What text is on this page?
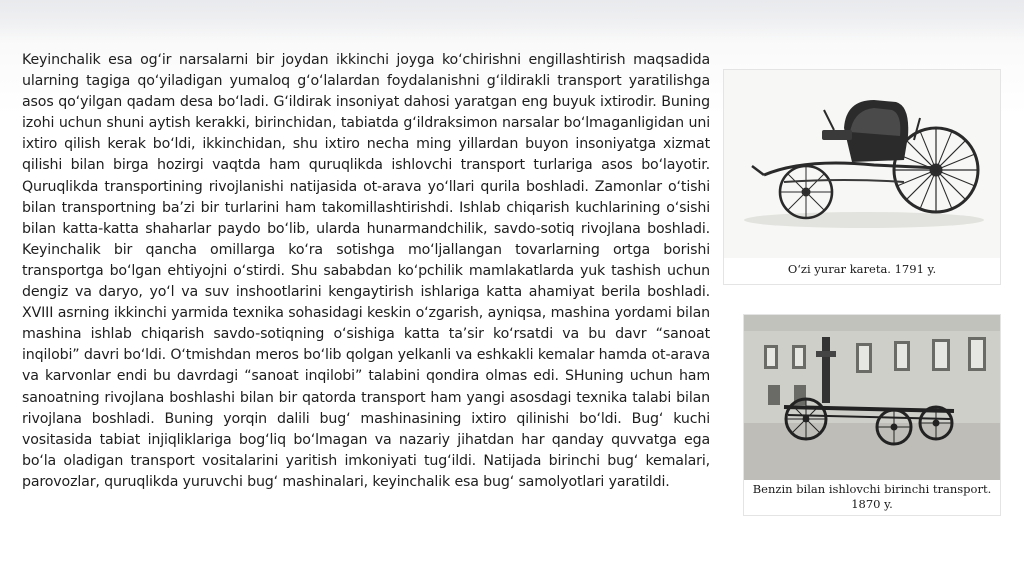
Keyinchalik esa og‘ir narsalarni bir joydan ikkinchi joyga ko‘chirishni engillashtirish maqsadida ularning tagiga qo‘yiladigan yumaloq g‘o‘lalardan foydalanishni g‘ildirakli transport yaratilishga asos qo‘yilgan qadam desa bo‘ladi. G‘ildirak insoniyat dahosi yaratgan eng buyuk ixtirodir. Buning izohi uchun shuni aytish kerakki, birinchidan, tabiatda g‘ildraksimon narsalar bo‘lmaganligidan uni ixtiro qilish kerak bo‘ldi, ikkinchidan, shu ixtiro necha ming yillardan buyon insoniyatga xizmat qilishi bilan birga hozirgi vaqtda ham quruqlikda ishlovchi transport turlariga asos bo‘layotir. Quruqlikda transportining rivojlanishi natijasida ot-arava yo‘llari qurila boshladi. Zamonlar o‘tishi bilan transportning ba’zi bir turlarini ham takomillashtirishdi. Ishlab chiqarish kuchlarining o‘sishi bilan katta-katta shaharlar paydo bo‘lib, ularda hunarmandchilik, savdo-sotiq rivojlana boshladi. Keyinchalik bir qancha omillarga ko‘ra sotishga mo‘ljallangan tovarlarning ortga borishi transportga bo‘lgan ehtiyojni o‘stirdi. Shu sababdan ko‘pchilik mamlakatlarda yuk tashish uchun dengiz va daryo, yo‘l va suv inshootlarini kengaytirish ishlariga katta ahamiyat berila boshladi. XVIII asrning ikkinchi yarmida texnika sohasidagi keskin o‘zgarish, ayniqsa, mashina yordami bilan mashina ishlab chiqarish savdo-sotiqning o‘sishiga katta ta’sir ko‘rsatdi va bu davr “sanoat inqilobi” davri bo‘ldi. O‘tmishdan meros bo‘lib qolgan yelkanli va eshkakli kemalar hamda ot-arava va karvonlar endi bu davrdagi “sanoat inqilobi” talabini qondira olmas edi. SHuning uchun ham sanoatning rivojlana boshlashi bilan bir qatorda transport ham yangi asosdagi texnika talabi bilan rivojlana boshladi. Buning yorqin dalili bug‘ mashinasining ixtiro qilinishi bo‘ldi. Bug‘ kuchi vositasida tabiat injiqliklariga bog‘liq bo‘lmagan va nazariy jihatdan har qanday quvvatga ega bo‘la oladigan transport vositalarini yaritish imkoniyati tug‘ildi. Natijada birinchi bug‘ kemalari, parovozlar, quruqlikda yuruvchi bug‘ mashinalari, keyinchalik esa bug‘ samolyotlari yaratildi.

O‘zi yurar kareta. 1791 y.
Benzin bilan ishlovchi birinchi transport.
1870 y.
